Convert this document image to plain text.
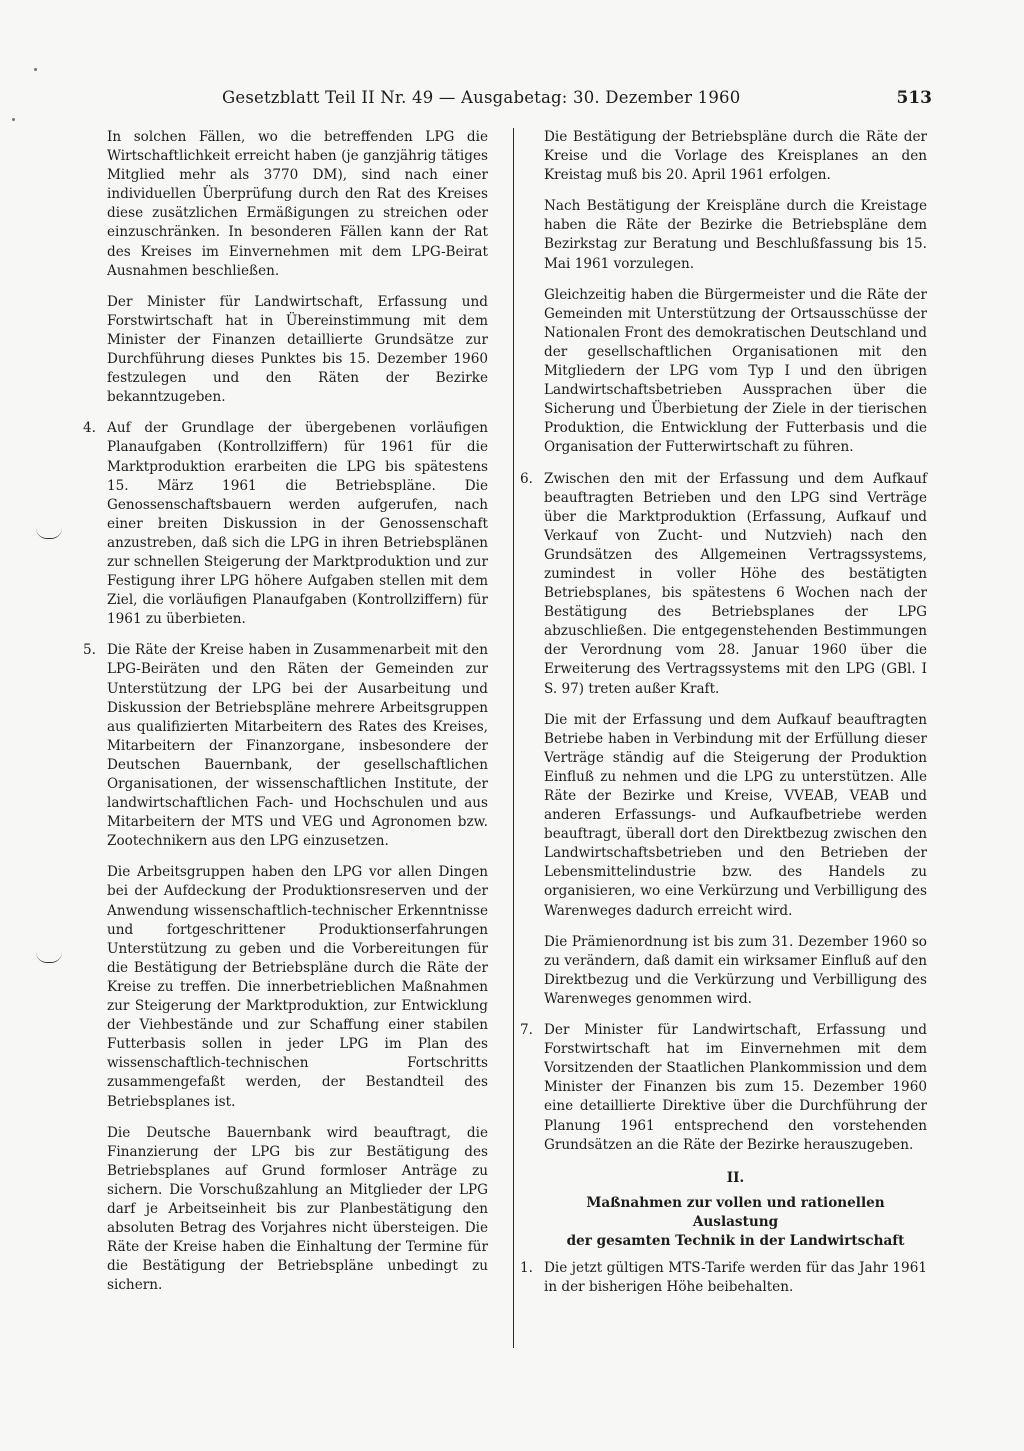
Gesetzblatt Teil II Nr. 49 — Ausgabetag: 30. Dezember 1960	513

In solchen Fällen, wo die betreffenden LPG die Wirtschaftlichkeit erreicht haben (je ganzjährig tätiges Mitglied mehr als 3770 DM), sind nach einer individuellen Überprüfung durch den Rat des Kreises diese zusätzlichen Ermäßigungen zu streichen oder einzuschränken. In besonderen Fällen kann der Rat des Kreises im Einvernehmen mit dem LPG-Beirat Ausnahmen beschließen.

Der Minister für Landwirtschaft, Erfassung und Forstwirtschaft hat in Übereinstimmung mit dem Minister der Finanzen detaillierte Grundsätze zur Durchführung dieses Punktes bis 15. Dezember 1960 festzulegen und den Räten der Bezirke bekanntzugeben.

4. Auf der Grundlage der übergebenen vorläufigen Planaufgaben (Kontrollziffern) für 1961 für die Marktproduktion erarbeiten die LPG bis spätestens 15. März 1961 die Betriebspläne. Die Genossenschaftsbauern werden aufgerufen, nach einer breiten Diskussion in der Genossenschaft anzustreben, daß sich die LPG in ihren Betriebsplänen zur schnellen Steigerung der Marktproduktion und zur Festigung ihrer LPG höhere Aufgaben stellen mit dem Ziel, die vorläufigen Planaufgaben (Kontrollziffern) für 1961 zu überbieten.

5. Die Räte der Kreise haben in Zusammenarbeit mit den LPG-Beiräten und den Räten der Gemeinden zur Unterstützung der LPG bei der Ausarbeitung und Diskussion der Betriebspläne mehrere Arbeitsgruppen aus qualifizierten Mitarbeitern des Rates des Kreises, Mitarbeitern der Finanzorgane, insbesondere der Deutschen Bauernbank, der gesellschaftlichen Organisationen, der wissenschaftlichen Institute, der landwirtschaftlichen Fach- und Hochschulen und aus Mitarbeitern der MTS und VEG und Agronomen bzw. Zootechnikern aus den LPG einzusetzen.

Die Arbeitsgruppen haben den LPG vor allen Dingen bei der Aufdeckung der Produktionsreserven und der Anwendung wissenschaftlich-technischer Erkenntnisse und fortgeschrittener Produktionserfahrungen Unterstützung zu geben und die Vorbereitungen für die Bestätigung der Betriebspläne durch die Räte der Kreise zu treffen. Die innerbetrieblichen Maßnahmen zur Steigerung der Marktproduktion, zur Entwicklung der Viehbestände und zur Schaffung einer stabilen Futterbasis sollen in jeder LPG im Plan des wissenschaftlich-technischen Fortschritts zusammengefaßt werden, der Bestandteil des Betriebsplanes ist.

Die Deutsche Bauernbank wird beauftragt, die Finanzierung der LPG bis zur Bestätigung des Betriebsplanes auf Grund formloser Anträge zu sichern. Die Vorschußzahlung an Mitglieder der LPG darf je Arbeitseinheit bis zur Planbestätigung den absoluten Betrag des Vorjahres nicht übersteigen. Die Räte der Kreise haben die Einhaltung der Termine für die Bestätigung der Betriebspläne unbedingt zu sichern.

Die Bestätigung der Betriebspläne durch die Räte der Kreise und die Vorlage des Kreisplanes an den Kreistag muß bis 20. April 1961 erfolgen.

Nach Bestätigung der Kreispläne durch die Kreistage haben die Räte der Bezirke die Betriebspläne dem Bezirkstag zur Beratung und Beschlußfassung bis 15. Mai 1961 vorzulegen.

Gleichzeitig haben die Bürgermeister und die Räte der Gemeinden mit Unterstützung der Ortsausschüsse der Nationalen Front des demokratischen Deutschland und der gesellschaftlichen Organisationen mit den Mitgliedern der LPG vom Typ I und den übrigen Landwirtschaftsbetrieben Aussprachen über die Sicherung und Überbietung der Ziele in der tierischen Produktion, die Entwicklung der Futterbasis und die Organisation der Futterwirtschaft zu führen.

6. Zwischen den mit der Erfassung und dem Aufkauf beauftragten Betrieben und den LPG sind Verträge über die Marktproduktion (Erfassung, Aufkauf und Verkauf von Zucht- und Nutzvieh) nach den Grundsätzen des Allgemeinen Vertragssystems, zumindest in voller Höhe des bestätigten Betriebsplanes, bis spätestens 6 Wochen nach der Bestätigung des Betriebsplanes der LPG abzuschließen. Die entgegenstehenden Bestimmungen der Verordnung vom 28. Januar 1960 über die Erweiterung des Vertragssystems mit den LPG (GBl. I S. 97) treten außer Kraft.

Die mit der Erfassung und dem Aufkauf beauftragten Betriebe haben in Verbindung mit der Erfüllung dieser Verträge ständig auf die Steigerung der Produktion Einfluß zu nehmen und die LPG zu unterstützen. Alle Räte der Bezirke und Kreise, VVEAB, VEAB und anderen Erfassungs- und Aufkaufbetriebe werden beauftragt, überall dort den Direktbezug zwischen den Landwirtschaftsbetrieben und den Betrieben der Lebensmittelindustrie bzw. des Handels zu organisieren, wo eine Verkürzung und Verbilligung des Warenweges dadurch erreicht wird.

Die Prämienordnung ist bis zum 31. Dezember 1960 so zu verändern, daß damit ein wirksamer Einfluß auf den Direktbezug und die Verkürzung und Verbilligung des Warenweges genommen wird.

7. Der Minister für Landwirtschaft, Erfassung und Forstwirtschaft hat im Einvernehmen mit dem Vorsitzenden der Staatlichen Plankommission und dem Minister der Finanzen bis zum 15. Dezember 1960 eine detaillierte Direktive über die Durchführung der Planung 1961 entsprechend den vorstehenden Grundsätzen an die Räte der Bezirke herauszugeben.

II.
Maßnahmen zur vollen und rationellen Auslastung
der gesamten Technik in der Landwirtschaft
1. Die jetzt gültigen MTS-Tarife werden für das Jahr 1961 in der bisherigen Höhe beibehalten.
